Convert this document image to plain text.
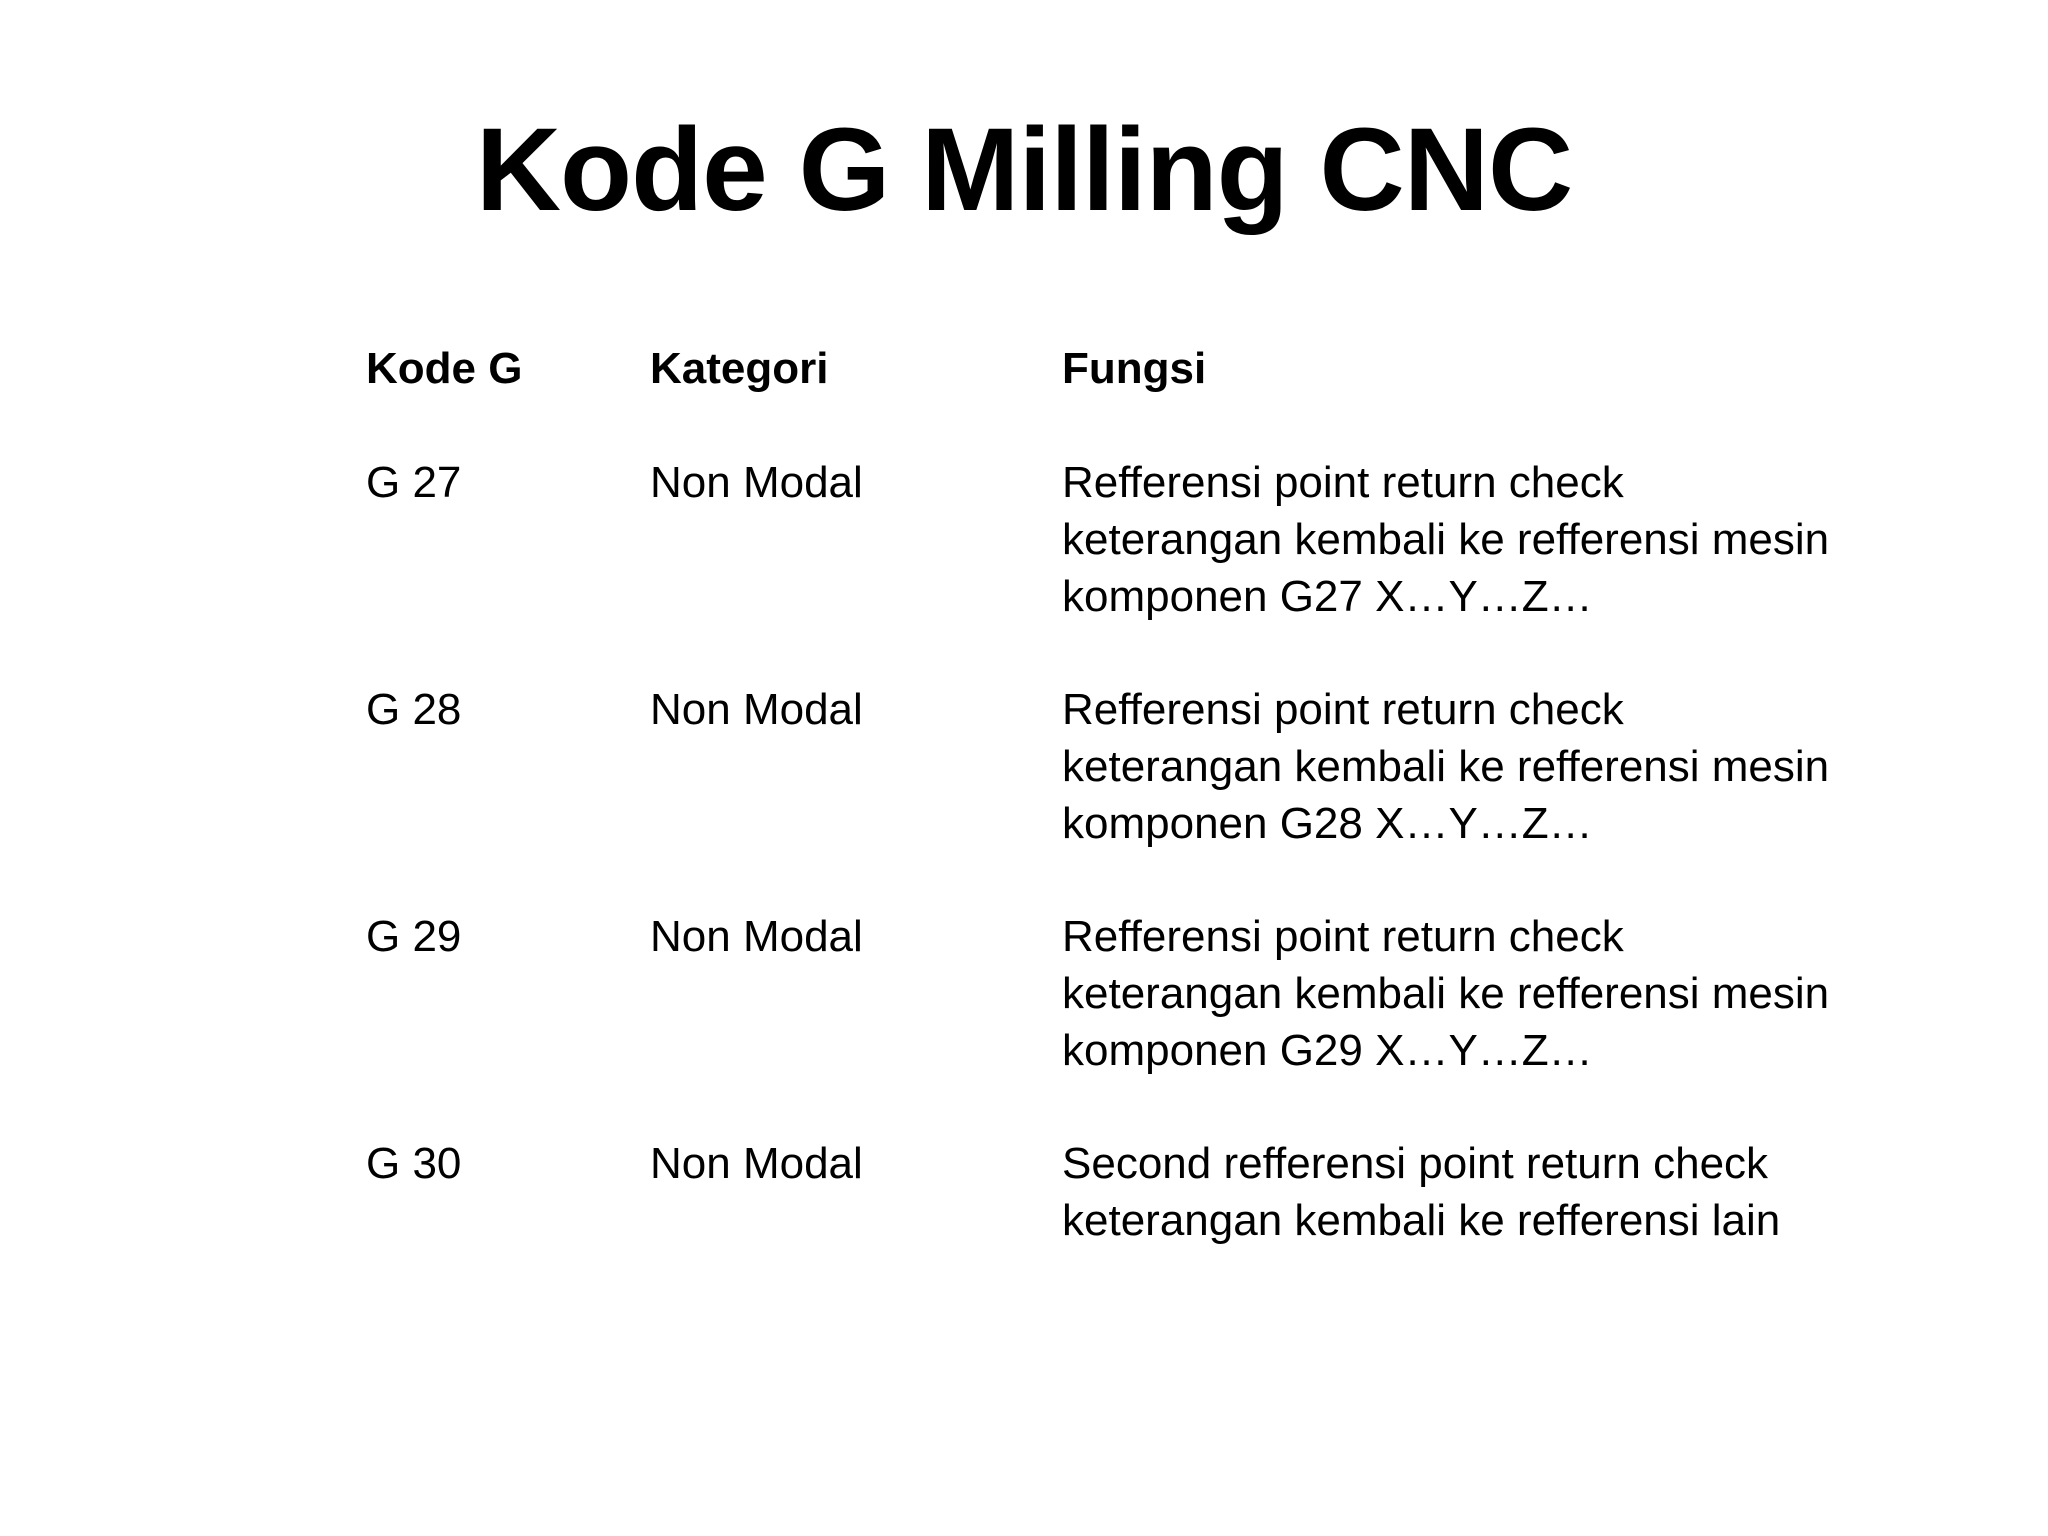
Kode G Milling CNC
Kode G	Kategori	Fungsi
G 27	Non Modal	Refferensi point return check
keterangan kembali ke refferensi mesin
komponen G27 X…Y…Z…
G 28	Non Modal	Refferensi point return check
keterangan kembali ke refferensi mesin
komponen G28 X…Y…Z…
G 29	Non Modal	Refferensi point return check
keterangan kembali ke refferensi mesin
komponen G29 X…Y…Z…
G 30	Non Modal	Second refferensi point return check
keterangan kembali ke refferensi lain
